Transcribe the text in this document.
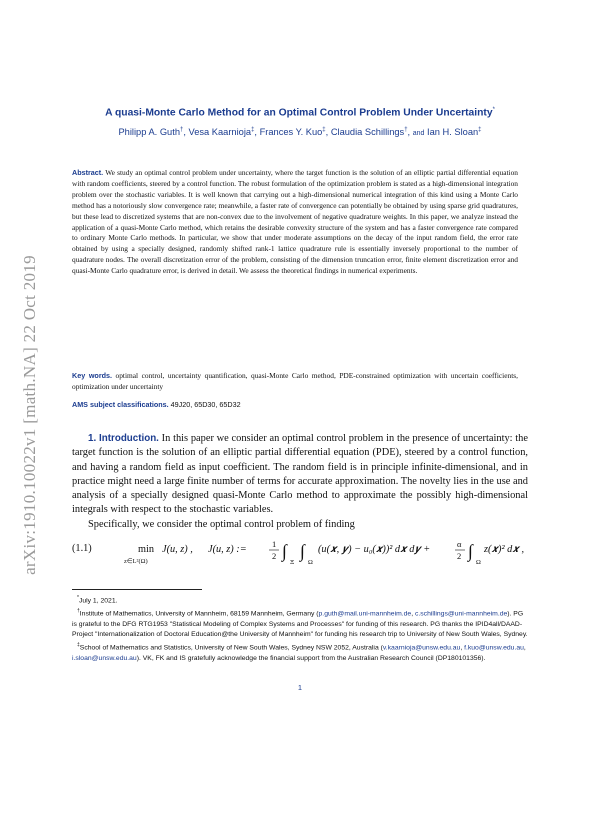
arXiv:1910.10022v1 [math.NA] 22 Oct 2019
A quasi-Monte Carlo Method for an Optimal Control Problem Under Uncertainty*
Philipp A. Guth†, Vesa Kaarnioja‡, Frances Y. Kuo‡, Claudia Schillings†, and Ian H. Sloan‡
Abstract. We study an optimal control problem under uncertainty, where the target function is the solution of an elliptic partial differential equation with random coefficients, steered by a control function. The robust formulation of the optimization problem is stated as a high-dimensional integration problem over the stochastic variables. It is well known that carrying out a high-dimensional numerical integration of this kind using a Monte Carlo method has a notoriously slow convergence rate; meanwhile, a faster rate of convergence can potentially be obtained by using sparse grid quadratures, but these lead to discretized systems that are non-convex due to the involvement of negative quadrature weights. In this paper, we analyze instead the application of a quasi-Monte Carlo method, which retains the desirable convexity structure of the system and has a faster convergence rate compared to ordinary Monte Carlo methods. In particular, we show that under moderate assumptions on the decay of the input random field, the error rate obtained by using a specially designed, randomly shifted rank-1 lattice quadrature rule is essentially inversely proportional to the number of quadrature nodes. The overall discretization error of the problem, consisting of the dimension truncation error, finite element discretization error and quasi-Monte Carlo quadrature error, is derived in detail. We assess the theoretical findings in numerical experiments.
Key words. optimal control, uncertainty quantification, quasi-Monte Carlo method, PDE-constrained optimization with uncertain coefficients, optimization under uncertainty
AMS subject classifications. 49J20, 65D30, 65D32

1. Introduction. In this paper we consider an optimal control problem in the presence of uncertainty: the target function is the solution of an elliptic partial differential equation (PDE), steered by a control function, and having a random field as input coefficient. The random field is in principle infinite-dimensional, and in practice might need a large finite number of terms for accurate approximation. The novelty lies in the use and analysis of a specially designed quasi-Monte Carlo method to approximate the possibly high-dimensional integrals with respect to the stochastic variables.

Specifically, we consider the optimal control problem of finding

(1.1)	min
z∈L²(Ω)
J(u, z) , J(u, z) :=	1
2 ∫
Ξ
∫
Ω
(u(𝒙, 𝒚) − u₀(𝒙))² d𝒙 d𝒚 +	α
2 ∫
Ω
z(𝒙)² d𝒙 ,

*July 1, 2021.

†Institute of Mathematics, University of Mannheim, 68159 Mannheim, Germany (p.guth@mail.uni-mannheim.de, c.schillings@uni-mannheim.de). PG is grateful to the DFG RTG1953 "Statistical Modeling of Complex Systems and Processes" for funding of this research. PG thanks the IPID4all/DAAD-Project "Internationalization of Doctoral Education@the University of Mannheim" for funding his research trip to University of New South Wales, Sydney.

‡School of Mathematics and Statistics, University of New South Wales, Sydney NSW 2052, Australia (v.kaarnioja@unsw.edu.au, f.kuo@unsw.edu.au, i.sloan@unsw.edu.au). VK, FK and IS gratefully acknowledge the financial support from the Australian Research Council (DP180101356).

1
